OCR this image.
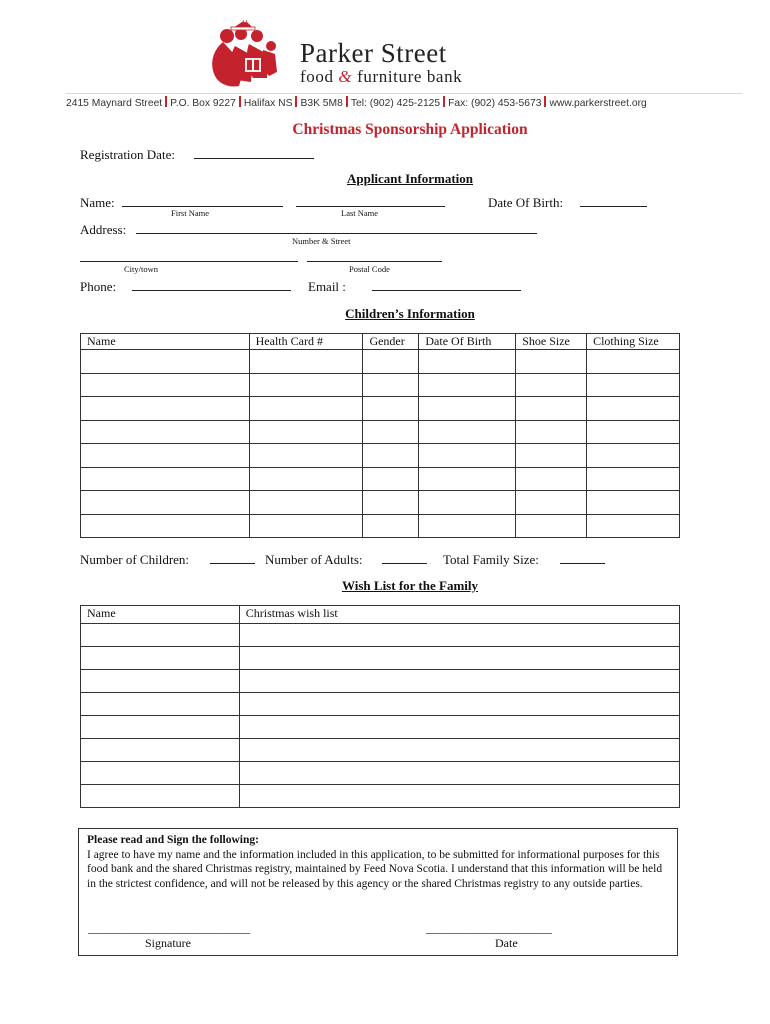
Parker Street
food & furniture bank
2415 Maynard Street P.O. Box 9227 Halifax NS B3K 5M8 Tel: (902) 425-2125 Fax: (902) 453-5673 www.parkerstreet.org
Christmas Sponsorship Application
Registration Date:
Applicant Information
Name:
First Name	Last Name
Date Of Birth:
Address:
Number & Street
City/town	Postal Code
Phone:	Email :
Children’s Information
Name	Health Card #	Gender	Date Of Birth	Shoe Size	Clothing Size

Number of Children:	Number of Adults:	Total Family Size:
Wish List for the Family
Name	Christmas wish list

Please read and Sign the following:
I agree to have my name and the information included in this application, to be submitted for informational purposes for this food bank and the shared Christmas registry, maintained by Feed Nova Scotia. I understand that this information will be held in the strictest confidence, and will not be released by this agency or the shared Christmas registry to any outside parties.
___________________________	_____________________
Signature	Date
